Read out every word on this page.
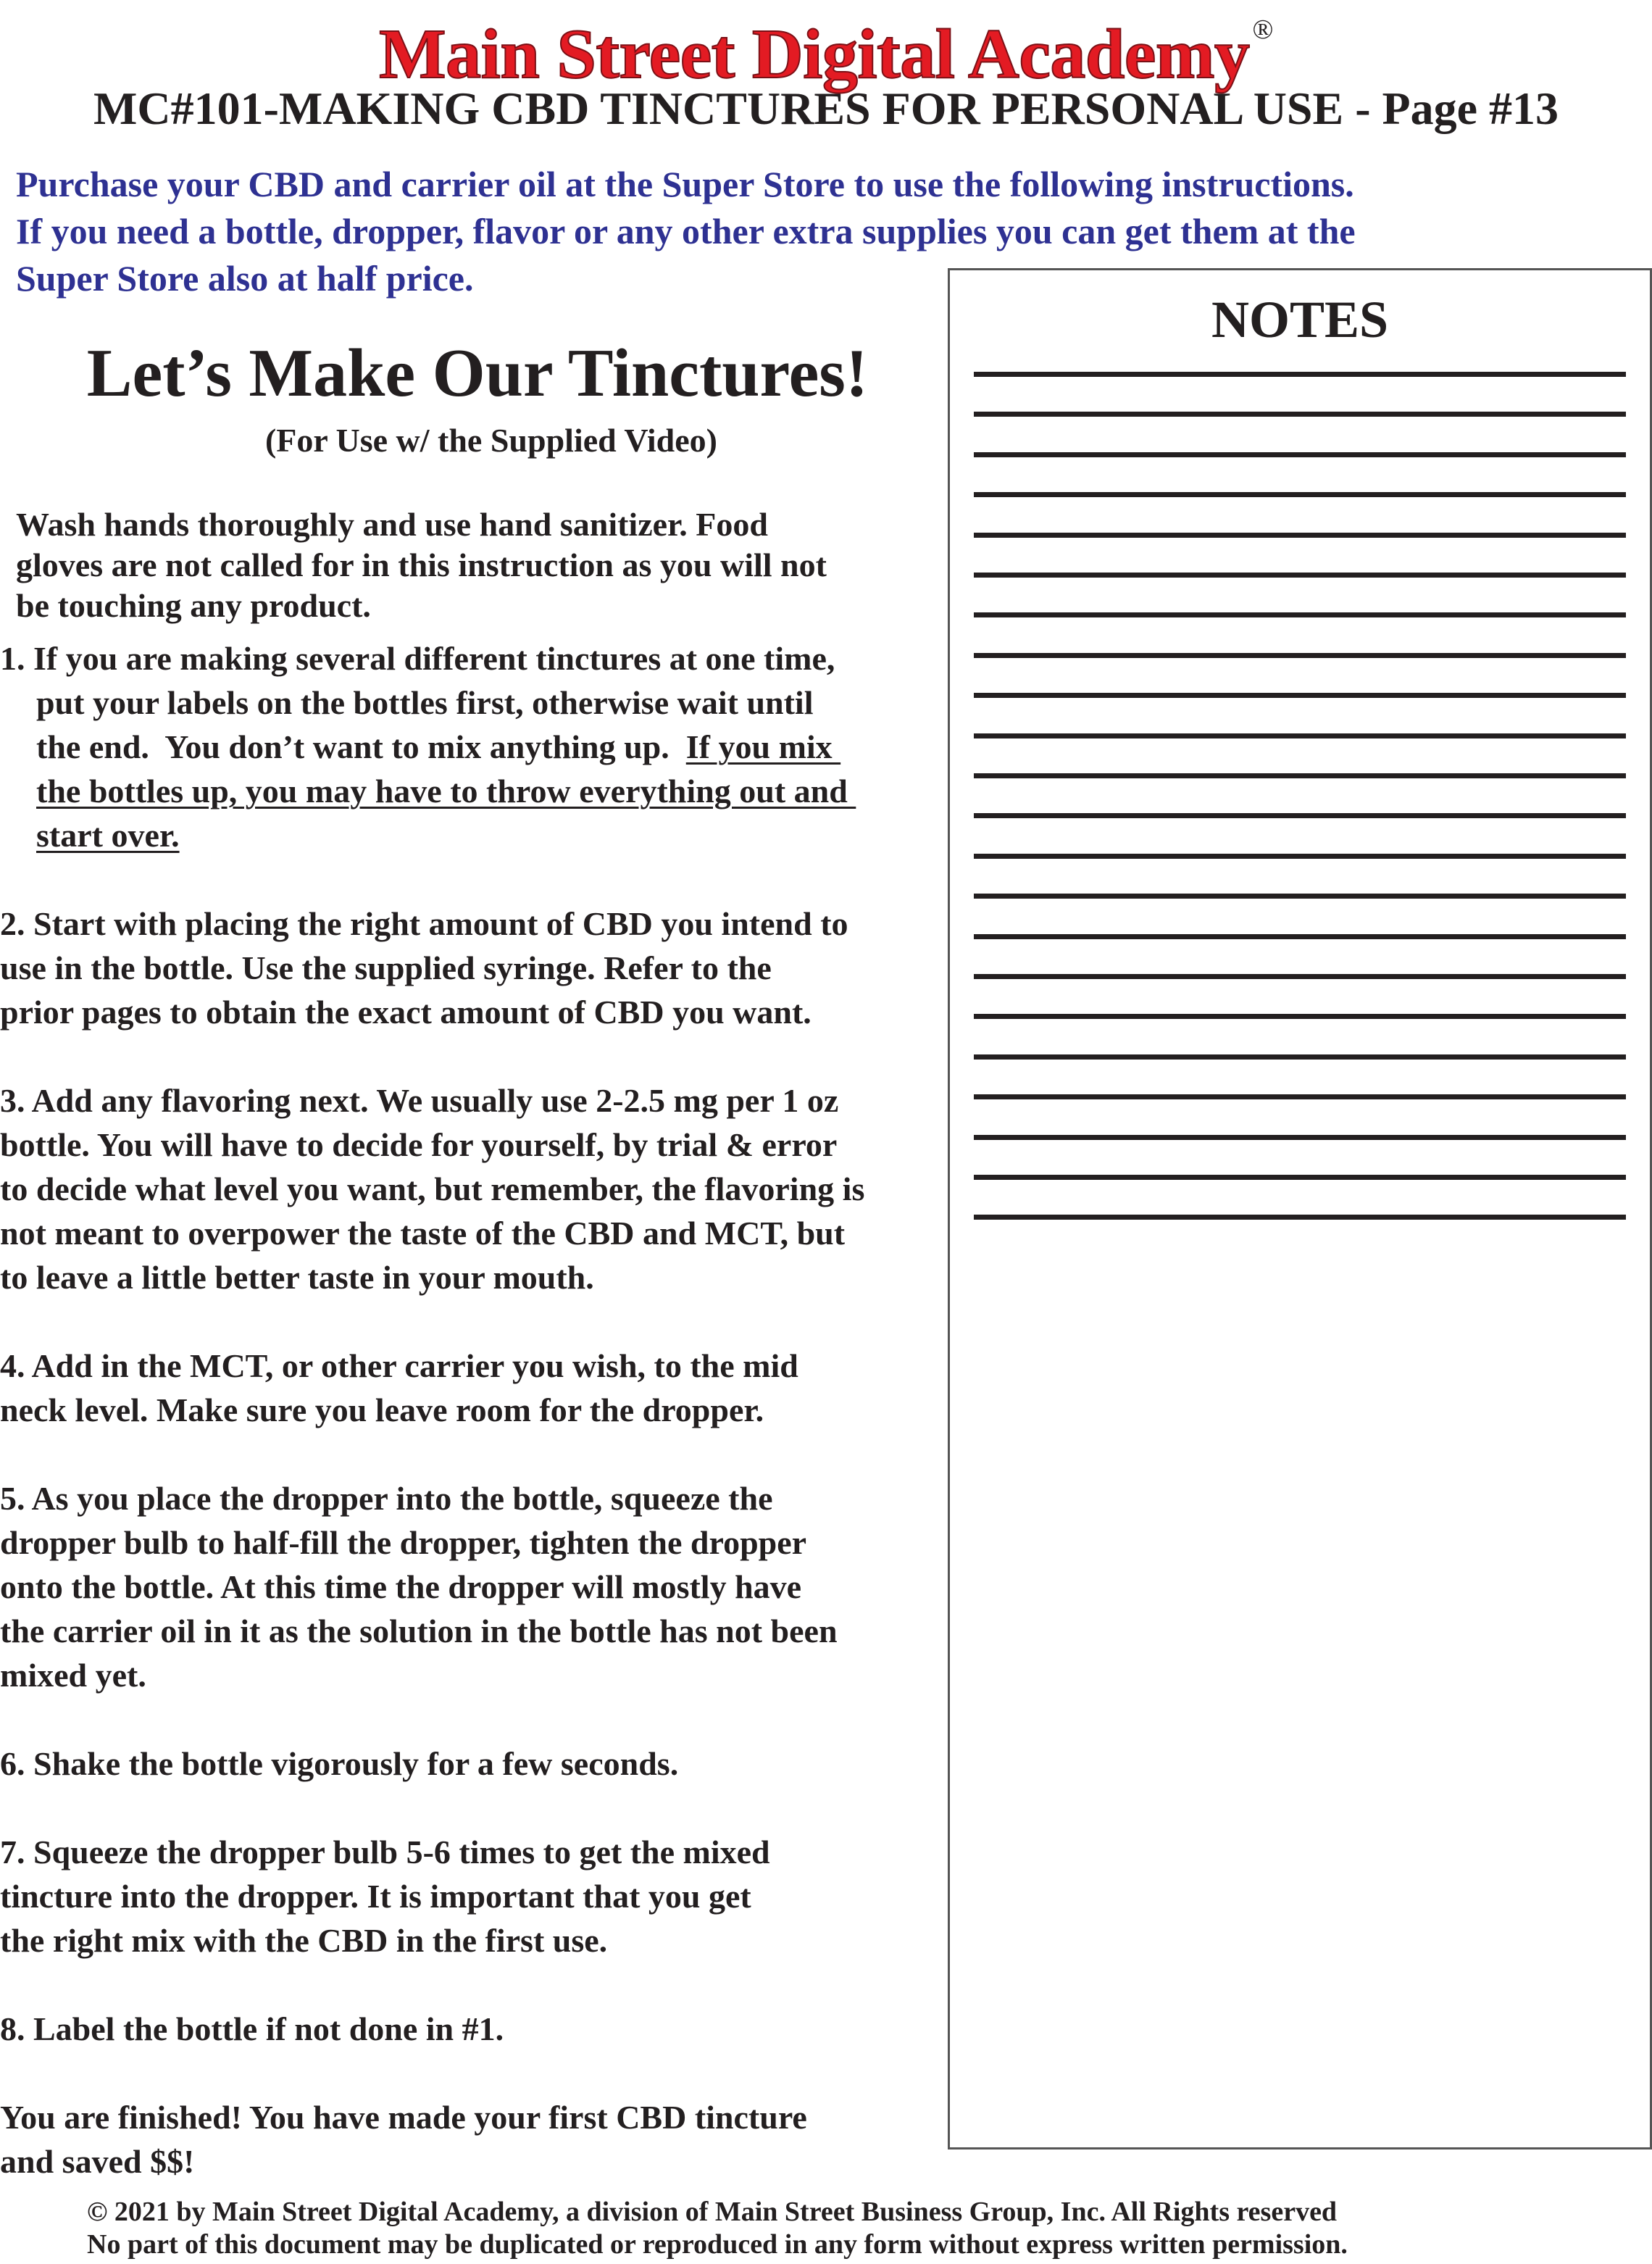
Main Street Digital Academy ®
MC#101-MAKING CBD TINCTURES FOR PERSONAL USE - Page #13
Purchase your CBD and carrier oil at the Super Store to use the following instructions.
If you need a bottle, dropper, flavor or any other extra supplies you can get them at the
Super Store also at half price.
Let’s Make Our Tinctures!
(For Use w/ the Supplied Video)
Wash hands thoroughly and use hand sanitizer. Food
gloves are not called for in this instruction as you will not
be touching any product.
1. If you are making several different tinctures at one time,
put your labels on the bottles first, otherwise wait until
the end.  You don’t want to mix anything up.  If you mix
the bottles up, you may have to throw everything out and
start over.
2. Start with placing the right amount of CBD you intend to
use in the bottle. Use the supplied syringe. Refer to the
prior pages to obtain the exact amount of CBD you want.
3. Add any flavoring next. We usually use 2-2.5 mg per 1 oz
bottle. You will have to decide for yourself, by trial & error
to decide what level you want, but remember, the flavoring is
not meant to overpower the taste of the CBD and MCT, but
to leave a little better taste in your mouth.
4. Add in the MCT, or other carrier you wish, to the mid
neck level. Make sure you leave room for the dropper.
5. As you place the dropper into the bottle, squeeze the
dropper bulb to half-fill the dropper, tighten the dropper
onto the bottle. At this time the dropper will mostly have
the carrier oil in it as the solution in the bottle has not been
mixed yet.
6. Shake the bottle vigorously for a few seconds.
7. Squeeze the dropper bulb 5-6 times to get the mixed
tincture into the dropper. It is important that you get
the right mix with the CBD in the first use.
8. Label the bottle if not done in #1.
You are finished! You have made your first CBD tincture
and saved $$!
NOTES
© 2021 by Main Street Digital Academy, a division of Main Street Business Group, Inc. All Rights reserved
No part of this document may be duplicated or reproduced in any form without express written permission.
